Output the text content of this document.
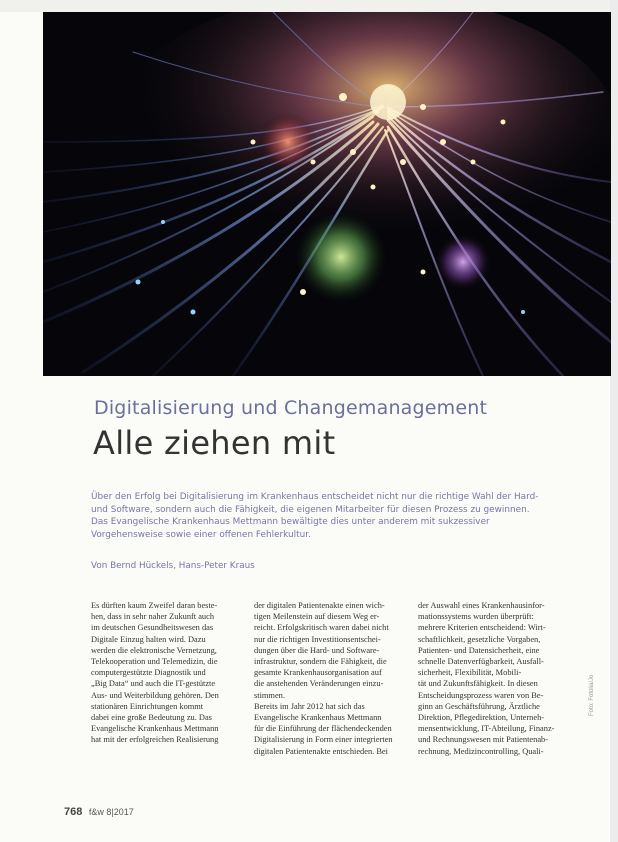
Digitalisierung und Changemanagement
Alle ziehen mit

Über den Erfolg bei Digitalisierung im Krankenhaus entscheidet nicht nur die richtige Wahl der Hard-

und Software, sondern auch die Fähigkeit, die eigenen Mitarbeiter für diesen Prozess zu gewinnen.

Das Evangelische Krankenhaus Mettmann bewältigte dies unter anderem mit sukzessiver

Vorgehensweise sowie einer offenen Fehlerkultur.

Von Bernd Hückels, Hans-Peter Kraus

Es dürften kaum Zweifel daran beste-

hen, dass in sehr naher Zukunft auch

im deutschen Gesundheitswesen das

Digitale Einzug halten wird. Dazu

werden die elektronische Vernetzung,

Telekooperation und Telemedizin, die

computergestützte Diagnostik und

„Big Data“ und auch die IT-gestützte

Aus- und Weiterbildung gehören. Den

stationären Einrichtungen kommt

dabei eine große Bedeutung zu. Das

Evangelische Krankenhaus Mettmann

hat mit der erfolgreichen Realisierung

der digitalen Patientenakte einen wich-

tigen Meilenstein auf diesem Weg er-

reicht. Erfolgskritisch waren dabei nicht

nur die richtigen Investitionsentschei-

dungen über die Hard- und Software-

infrastruktur, sondern die Fähigkeit, die

gesamte Krankenhausorganisation auf

die anstehenden Veränderungen einzu-

stimmen.

Bereits im Jahr 2012 hat sich das

Evangelische Krankenhaus Mettmann

für die Einführung der flächendeckenden

Digitalisierung in Form einer integrierten

digitalen Patientenakte entschieden. Bei

der Auswahl eines Krankenhausinfor-

mationssystems wurden überprüft:

mehrere Kriterien entscheidend: Wirt-

schaftlichkeit, gesetzliche Vorgaben,

Patienten- und Datensicherheit, eine

schnelle Datenverfügbarkeit, Ausfall-

sicherheit, Flexibilität, Mobili-

tät und Zukunftsfähigkeit. In diesen

Entscheidungsprozess waren von Be-

ginn an Geschäftsführung, Ärztliche

Direktion, Pflegedirektion, Unterneh-

mensentwicklung, IT-Abteilung, Finanz-

und Rechnungswesen mit Patientenab-

rechnung, Medizincontrolling, Quali-

Foto: Fotolia/Jo
768 f&w 8|2017
